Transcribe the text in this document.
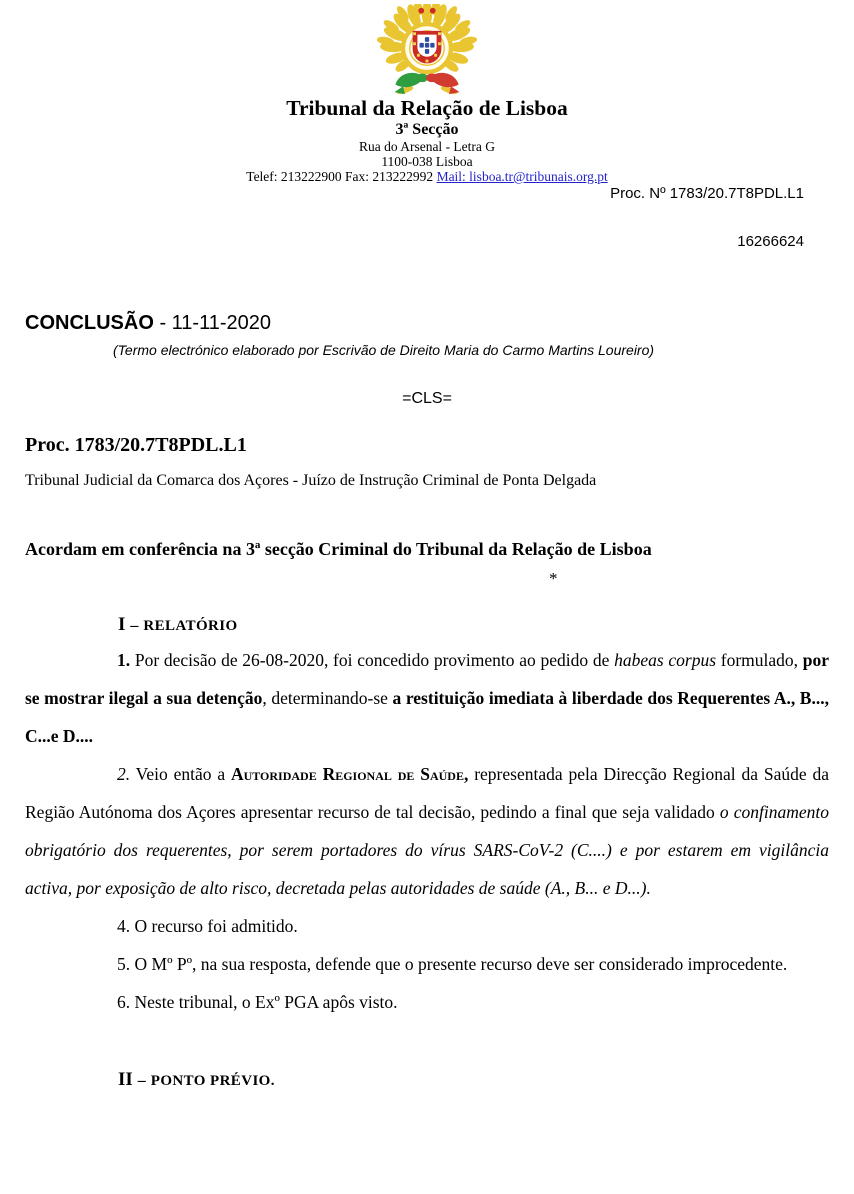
Tribunal da Relação de Lisboa
3ª Secção
Rua do Arsenal - Letra G
1100-038 Lisboa
Telef: 213222900 Fax: 213222992 Mail: lisboa.tr@tribunais.org.pt
Proc. Nº 1783/20.7T8PDL.L1
16266624
CONCLUSÃO - 11-11-2020
(Termo electrónico elaborado por Escrivão de Direito Maria do Carmo Martins Loureiro)
=CLS=
Proc. 1783/20.7T8PDL.L1
Tribunal Judicial da Comarca dos Açores - Juízo de Instrução Criminal de Ponta Delgada
Acordam em conferência na 3ª secção Criminal do Tribunal da Relação de Lisboa
*
I – RELATÓRIO

1. Por decisão de 26-08-2020, foi concedido provimento ao pedido de habeas corpus formulado, por se mostrar ilegal a sua detenção, determinando-se a restituição imediata à liberdade dos Requerentes A., B..., C...e D....

2. Veio então a Autoridade Regional de Saúde, representada pela Direcção Regional da Saúde da Região Autónoma dos Açores apresentar recurso de tal decisão, pedindo a final que seja validado o confinamento obrigatório dos requerentes, por serem portadores do vírus SARS-CoV-2 (C....) e por estarem em vigilância activa, por exposição de alto risco, decretada pelas autoridades de saúde (A., B... e D...).

4. O recurso foi admitido.

5. O Mº Pº, na sua resposta, defende que o presente recurso deve ser considerado improcedente.

6. Neste tribunal, o Exº PGA apôs visto.

II – PONTO PRÉVIO.
